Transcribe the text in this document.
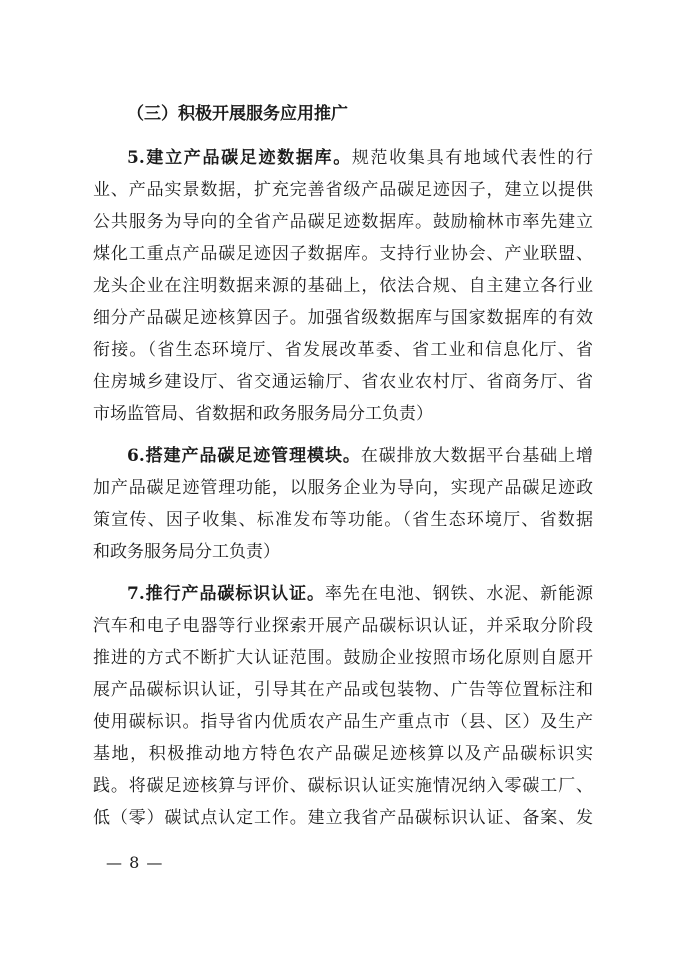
（三）积极开展服务应用推广
5.建立产品碳足迹数据库。规范收集具有地域代表性的行
业、产品实景数据，扩充完善省级产品碳足迹因子，建立以提供
公共服务为导向的全省产品碳足迹数据库。鼓励榆林市率先建立
煤化工重点产品碳足迹因子数据库。支持行业协会、产业联盟、
龙头企业在注明数据来源的基础上，依法合规、自主建立各行业
细分产品碳足迹核算因子。加强省级数据库与国家数据库的有效
衔接。（省生态环境厅、省发展改革委、省工业和信息化厅、省
住房城乡建设厅、省交通运输厅、省农业农村厅、省商务厅、省
市场监管局、省数据和政务服务局分工负责）
6.搭建产品碳足迹管理模块。在碳排放大数据平台基础上增
加产品碳足迹管理功能，以服务企业为导向，实现产品碳足迹政
策宣传、因子收集、标准发布等功能。（省生态环境厅、省数据
和政务服务局分工负责）
7.推行产品碳标识认证。率先在电池、钢铁、水泥、新能源
汽车和电子电器等行业探索开展产品碳标识认证，并采取分阶段
推进的方式不断扩大认证范围。鼓励企业按照市场化原则自愿开
展产品碳标识认证，引导其在产品或包装物、广告等位置标注和
使用碳标识。指导省内优质农产品生产重点市（县、区）及生产
基地，积极推动地方特色农产品碳足迹核算以及产品碳标识实
践。将碳足迹核算与评价、碳标识认证实施情况纳入零碳工厂、
低（零）碳试点认定工作。建立我省产品碳标识认证、备案、发
— 8 —
